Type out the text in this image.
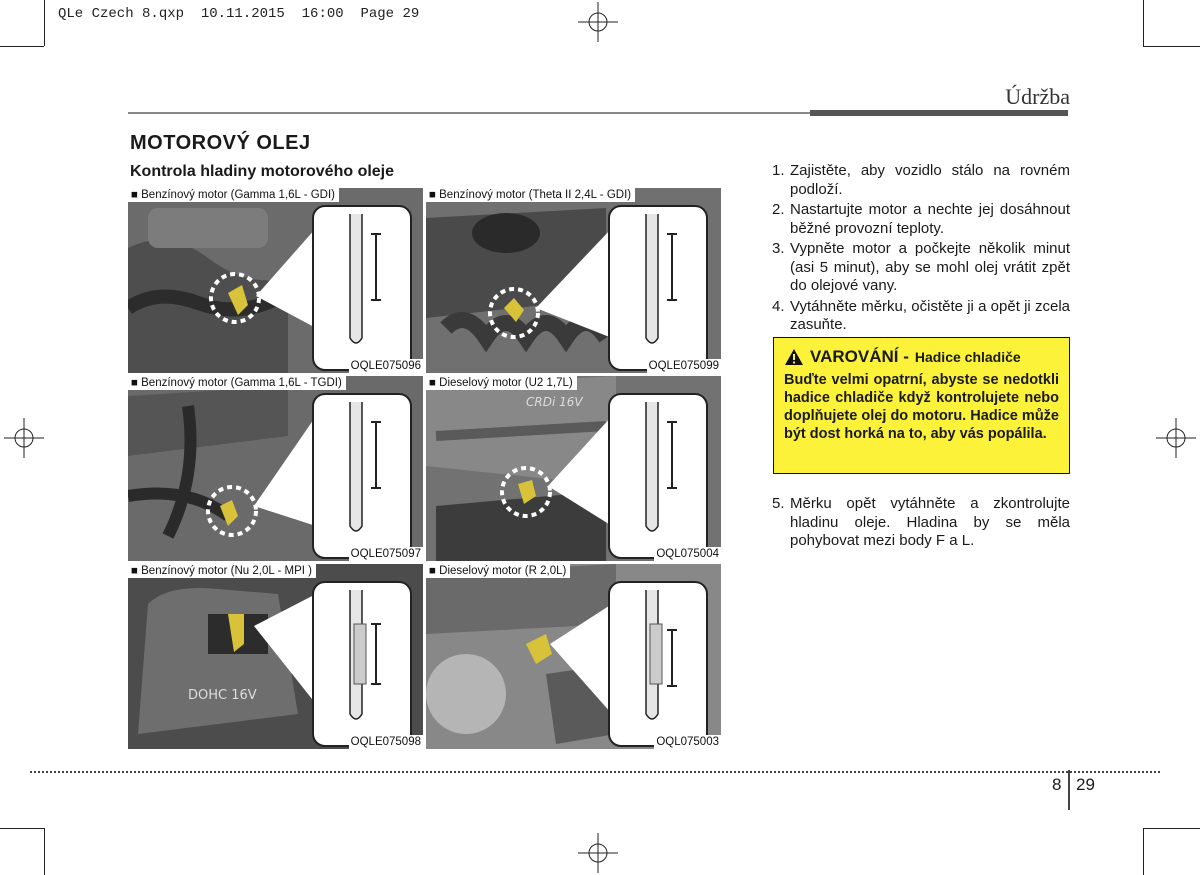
QLe Czech 8.qxp  10.11.2015  16:00  Page 29
Údržba
MOTOROVÝ OLEJ
Kontrola hladiny motorového oleje
■ Benzínový motor (Gamma 1,6L - GDI)
OQLE075096
■ Benzínový motor (Theta II 2,4L - GDI)
OQLE075099
■ Benzínový motor (Gamma 1,6L - TGDI)
OQLE075097
CRDi 16V
■ Dieselový motor (U2 1,7L)
OQL075004
DOHC 16V
■ Benzínový motor (Nu 2,0L - MPI )
OQLE075098
■ Dieselový motor (R 2,0L)
OQL075003
1. Zajistěte, aby vozidlo stálo na rovném podloží.
2. Nastartujte motor a nechte jej dosáhnout běžné provozní teploty.
3. Vypněte motor a počkejte několik minut (asi 5 minut), aby se mohl olej vrátit zpět do olejové vany.
4. Vytáhněte měrku, očistěte ji a opět ji zcela zasuňte.
VAROVÁNÍ - Hadice chladiče
Buďte velmi opatrní, abyste se nedotkli hadice chladiče když kontrolujete nebo doplňujete olej do motoru. Hadice může být dost horká na to, aby vás popálila.
5. Měrku opět vytáhněte a zkontrolujte hladinu oleje. Hladina by se měla pohybovat mezi body F a L.
8 29
